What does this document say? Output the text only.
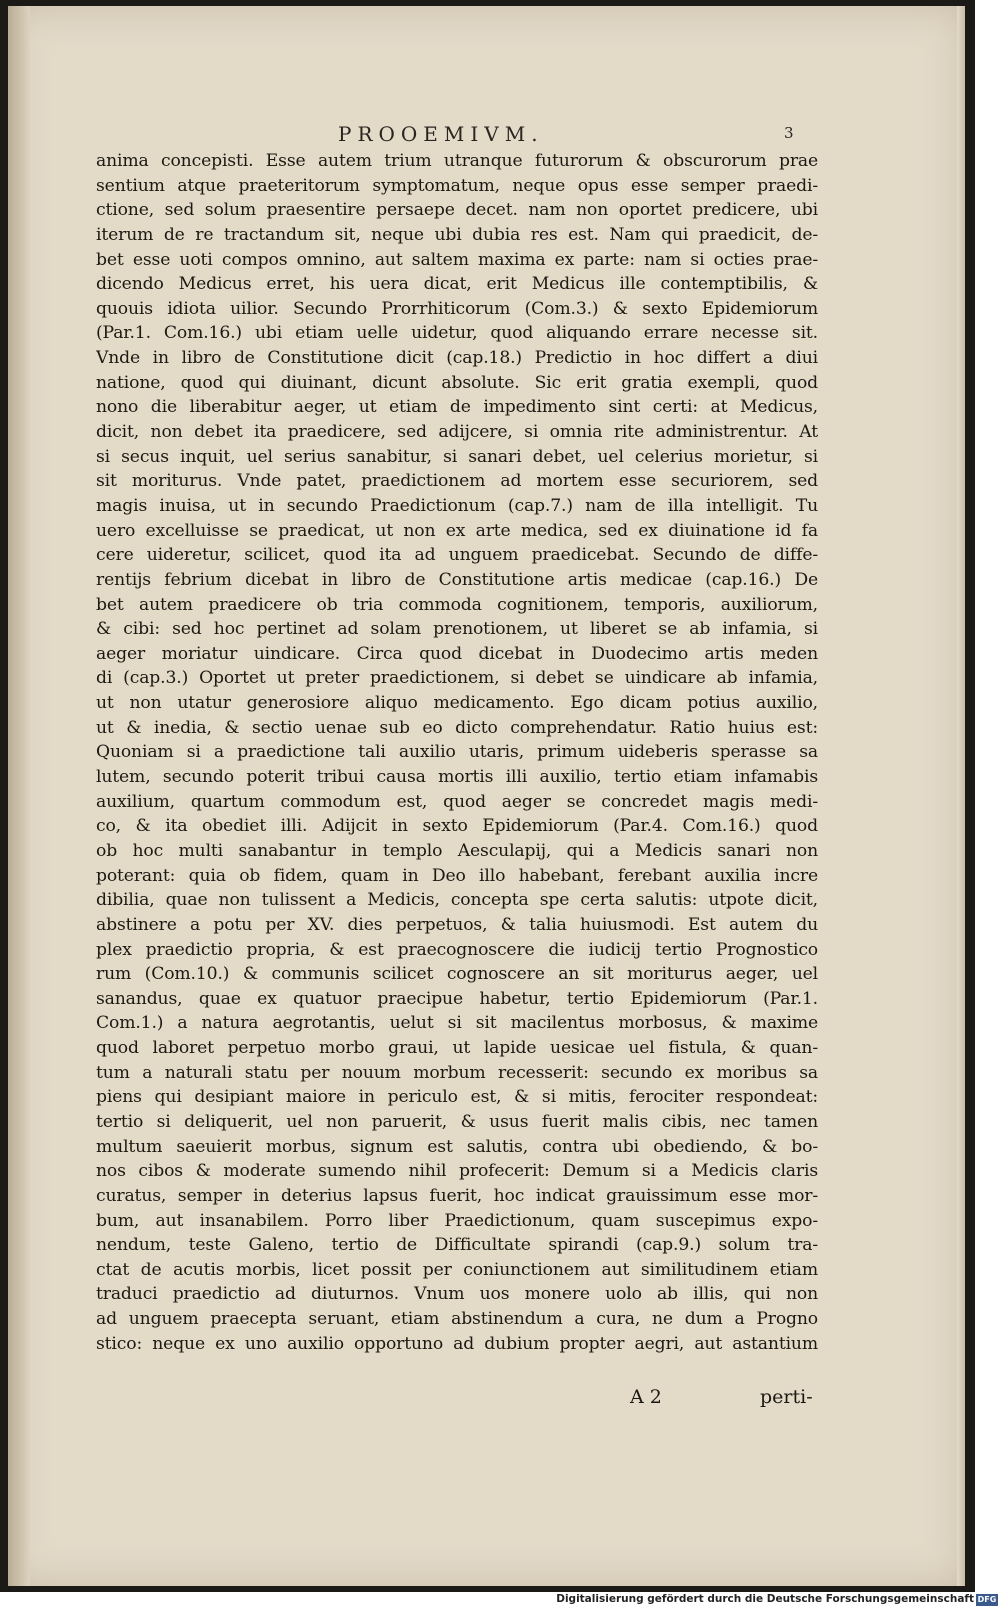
PROOEMIVM.	3
anima concepisti. Esse autem trium utranque futurorum & obscurorum prae
sentium atque praeteritorum symptomatum, neque opus esse semper praedi-
ctione, sed solum praesentire persaepe decet. nam non oportet predicere, ubi
iterum de re tractandum sit, neque ubi dubia res est. Nam qui praedicit, de-
bet esse uoti compos omnino, aut saltem maxima ex parte: nam si octies prae-
dicendo Medicus erret, his uera dicat, erit Medicus ille contemptibilis, &
quouis idiota uilior. Secundo Prorrhiticorum (Com.3.) & sexto Epidemiorum
(Par.1. Com.16.) ubi etiam uelle uidetur, quod aliquando errare necesse sit.
Vnde in libro de Constitutione dicit (cap.18.) Predictio in hoc differt a diui
natione, quod qui diuinant, dicunt absolute. Sic erit gratia exempli, quod
nono die liberabitur aeger, ut etiam de impedimento sint certi: at Medicus,
dicit, non debet ita praedicere, sed adijcere, si omnia rite administrentur. At
si secus inquit, uel serius sanabitur, si sanari debet, uel celerius morietur, si
sit moriturus. Vnde patet, praedictionem ad mortem esse securiorem, sed
magis inuisa, ut in secundo Praedictionum (cap.7.) nam de illa intelligit. Tu
uero excelluisse se praedicat, ut non ex arte medica, sed ex diuinatione id fa
cere uideretur, scilicet, quod ita ad unguem praedicebat. Secundo de diffe-
rentijs febrium dicebat in libro de Constitutione artis medicae (cap.16.) De
bet autem praedicere ob tria commoda cognitionem, temporis, auxiliorum,
& cibi: sed hoc pertinet ad solam prenotionem, ut liberet se ab infamia, si
aeger moriatur uindicare. Circa quod dicebat in Duodecimo artis meden
di (cap.3.) Oportet ut preter praedictionem, si debet se uindicare ab infamia,
ut non utatur generosiore aliquo medicamento. Ego dicam potius auxilio,
ut & inedia, & sectio uenae sub eo dicto comprehendatur. Ratio huius est:
Quoniam si a praedictione tali auxilio utaris, primum uideberis sperasse sa
lutem, secundo poterit tribui causa mortis illi auxilio, tertio etiam infamabis
auxilium, quartum commodum est, quod aeger se concredet magis medi-
co, & ita obediet illi. Adijcit in sexto Epidemiorum (Par.4. Com.16.) quod
ob hoc multi sanabantur in templo Aesculapij, qui a Medicis sanari non
poterant: quia ob fidem, quam in Deo illo habebant, ferebant auxilia incre
dibilia, quae non tulissent a Medicis, concepta spe certa salutis: utpote dicit,
abstinere a potu per XV. dies perpetuos, & talia huiusmodi. Est autem du
plex praedictio propria, & est praecognoscere die iudicij tertio Prognostico
rum (Com.10.) & communis scilicet cognoscere an sit moriturus aeger, uel
sanandus, quae ex quatuor praecipue habetur, tertio Epidemiorum (Par.1.
Com.1.) a natura aegrotantis, uelut si sit macilentus morbosus, & maxime
quod laboret perpetuo morbo graui, ut lapide uesicae uel fistula, & quan-
tum a naturali statu per nouum morbum recesserit: secundo ex moribus sa
piens qui desipiant maiore in periculo est, & si mitis, ferociter respondeat:
tertio si deliquerit, uel non paruerit, & usus fuerit malis cibis, nec tamen
multum saeuierit morbus, signum est salutis, contra ubi obediendo, & bo-
nos cibos & moderate sumendo nihil profecerit: Demum si a Medicis claris
curatus, semper in deterius lapsus fuerit, hoc indicat grauissimum esse mor-
bum, aut insanabilem. Porro liber Praedictionum, quam suscepimus expo-
nendum, teste Galeno, tertio de Difficultate spirandi (cap.9.) solum tra-
ctat de acutis morbis, licet possit per coniunctionem aut similitudinem etiam
traduci praedictio ad diuturnos. Vnum uos monere uolo ab illis, qui non
ad unguem praecepta seruant, etiam abstinendum a cura, ne dum a Progno
stico: neque ex uno auxilio opportuno ad dubium propter aegri, aut astantium
A 2	perti-
Digitalisierung gefördert durch die Deutsche Forschungsgemeinschaft DFG
